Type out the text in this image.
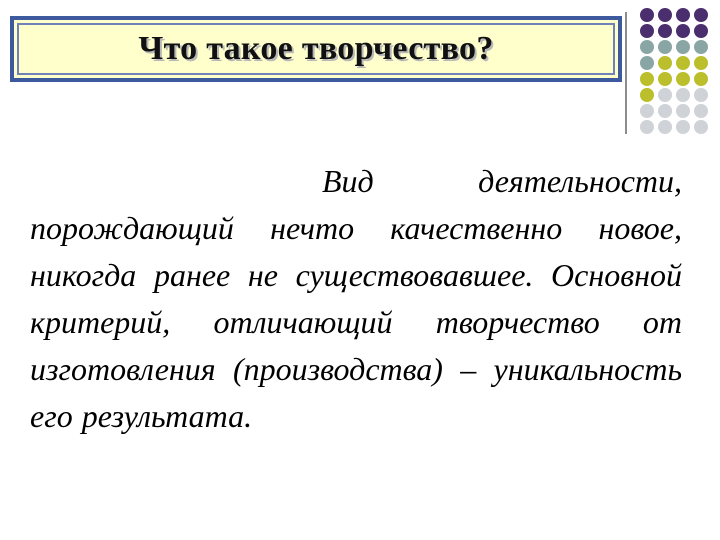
Что такое творчество?
Вид деятельности, порождающий нечто качественно новое, никогда ранее не существовавшее. Основной критерий, отличающий творчество от изготовления (производства) – уникальность его результата.
